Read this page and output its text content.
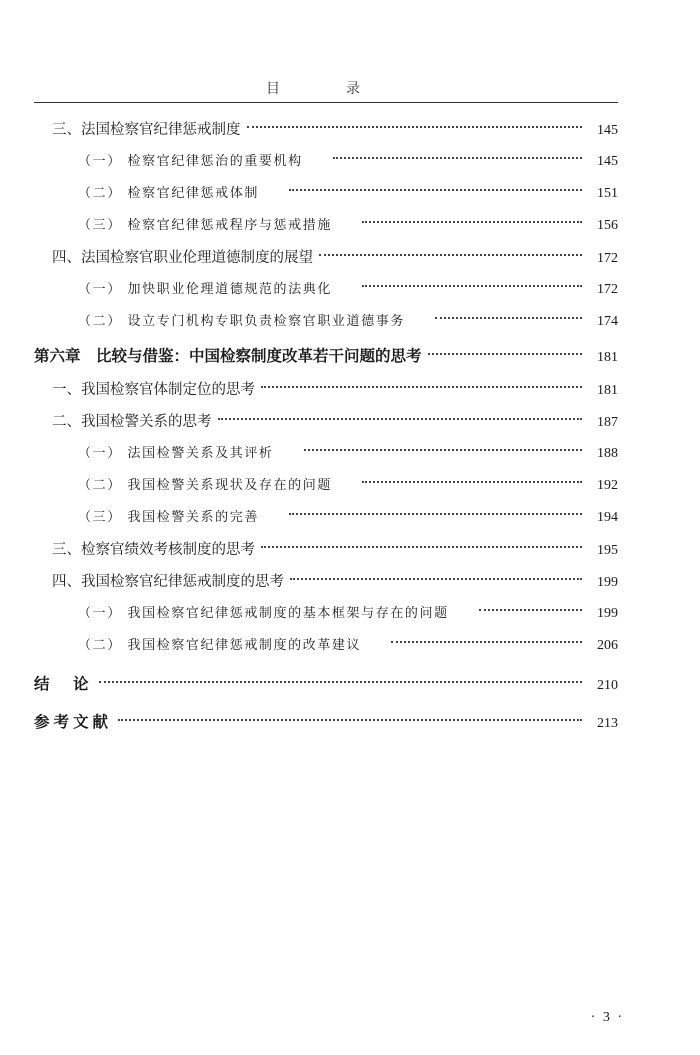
目　录
三、法国检察官纪律惩戒制度	145
（一） 检察官纪律惩治的重要机构	145
（二） 检察官纪律惩戒体制	151
（三） 检察官纪律惩戒程序与惩戒措施	156
四、法国检察官职业伦理道德制度的展望	172
（一） 加快职业伦理道德规范的法典化	172
（二） 设立专门机构专职负责检察官职业道德事务	174
第六章　比较与借鉴：中国检察制度改革若干问题的思考	181
一、我国检察官体制定位的思考	181
二、我国检警关系的思考	187
（一） 法国检警关系及其评析	188
（二） 我国检警关系现状及存在的问题	192
（三） 我国检警关系的完善	194
三、检察官绩效考核制度的思考	195
四、我国检察官纪律惩戒制度的思考	199
（一） 我国检察官纪律惩戒制度的基本框架与存在的问题	199
（二） 我国检察官纪律惩戒制度的改革建议	206
结　论	210
参考文献	213
· 3 ·
